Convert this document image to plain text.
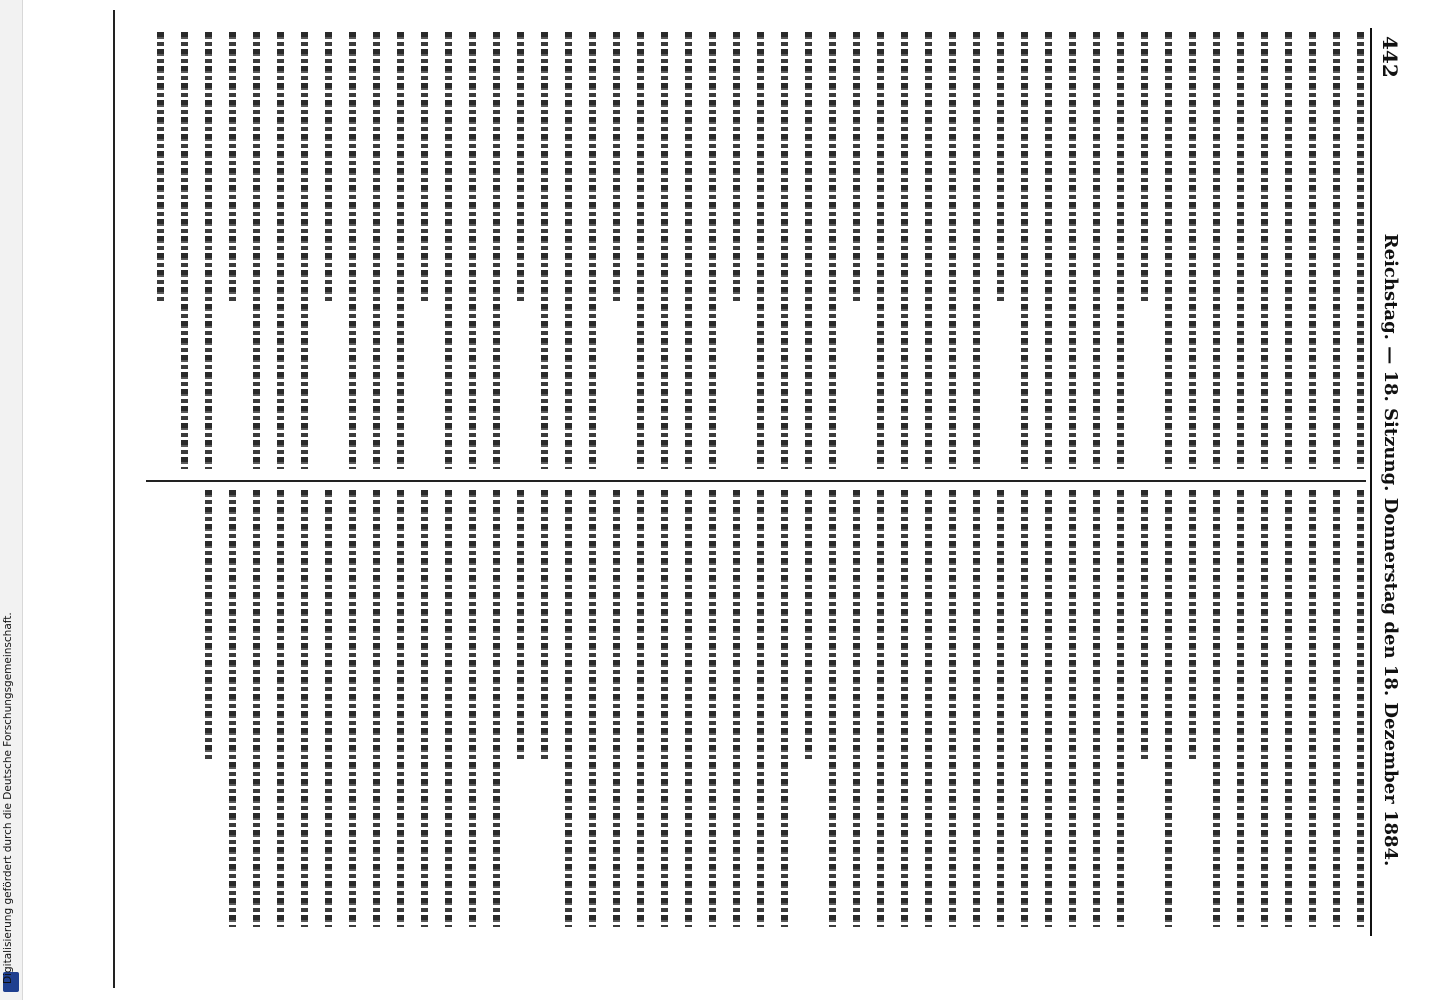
Digitalisierung gefördert durch die Deutsche Forschungsgemeinschaft.
442
Reichstag. — 18. Sitzung. Donnerstag den 18. Dezember 1884.
